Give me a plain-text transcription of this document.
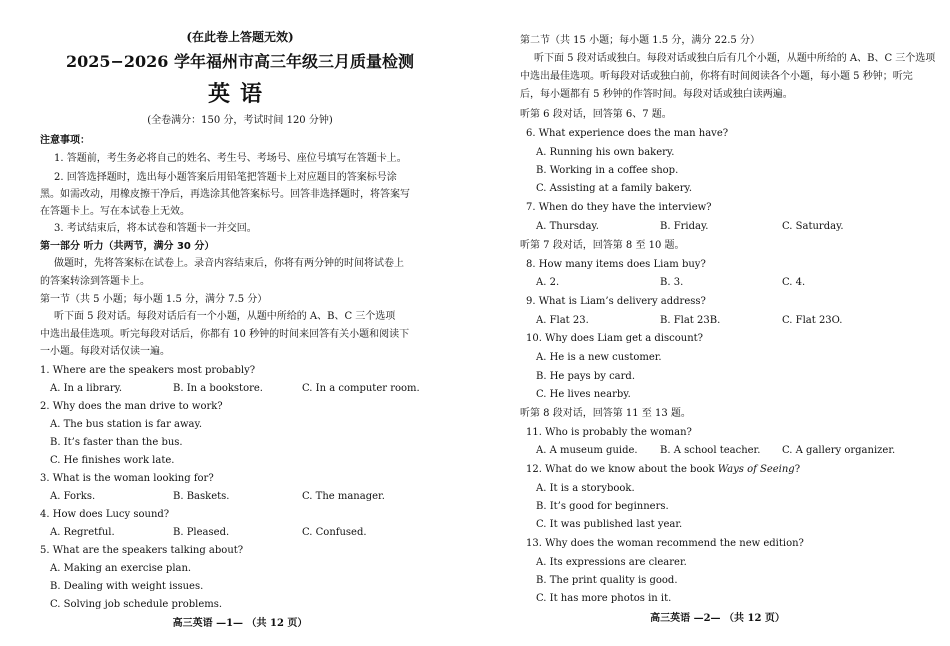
(在此卷上答题无效)
2025−2026 学年福州市高三年级三月质量检测
英语
(全卷满分：150 分，考试时间 120 分钟)
注意事项：
1. 答题前，考生务必将自己的姓名、考生号、考场号、座位号填写在答题卡上。
2. 回答选择题时，选出每小题答案后用铅笔把答题卡上对应题目的答案标号涂
黑。如需改动，用橡皮擦干净后，再选涂其他答案标号。回答非选择题时，将答案写
在答题卡上。写在本试卷上无效。
3. 考试结束后，将本试卷和答题卡一并交回。
第一部分 听力（共两节，满分 30 分）
做题时，先将答案标在试卷上。录音内容结束后，你将有两分钟的时间将试卷上
的答案转涂到答题卡上。
第一节（共 5 小题；每小题 1.5 分，满分 7.5 分）
听下面 5 段对话。每段对话后有一个小题，从题中所给的 A、B、C 三个选项
中选出最佳选项。听完每段对话后，你都有 10 秒钟的时间来回答有关小题和阅读下
一小题。每段对话仅读一遍。
1. Where are the speakers most probably?
A. In a library.	B. In a bookstore.	C. In a computer room.
2. Why does the man drive to work?
A. The bus station is far away.
B. It’s faster than the bus.
C. He finishes work late.
3. What is the woman looking for?
A. Forks.	B. Baskets.	C. The manager.
4. How does Lucy sound?
A. Regretful.	B. Pleased.	C. Confused.
5. What are the speakers talking about?
A. Making an exercise plan.
B. Dealing with weight issues.
C. Solving job schedule problems.
高三英语 —1— （共 12 页）
第二节（共 15 小题；每小题 1.5 分，满分 22.5 分）
听下面 5 段对话或独白。每段对话或独白后有几个小题，从题中所给的 A、B、C 三个选项
中选出最佳选项。听每段对话或独白前，你将有时间阅读各个小题，每小题 5 秒钟；听完
后，每小题都有 5 秒钟的作答时间。每段对话或独白读两遍。
听第 6 段对话，回答第 6、7 题。
6. What experience does the man have?
A. Running his own bakery.
B. Working in a coffee shop.
C. Assisting at a family bakery.
7. When do they have the interview?
A. Thursday.	B. Friday.	C. Saturday.
听第 7 段对话，回答第 8 至 10 题。
8. How many items does Liam buy?
A. 2.	B. 3.	C. 4.
9. What is Liam’s delivery address?
A. Flat 23.	B. Flat 23B.	C. Flat 23O.
10. Why does Liam get a discount?
A. He is a new customer.
B. He pays by card.
C. He lives nearby.
听第 8 段对话，回答第 11 至 13 题。
11. Who is probably the woman?
A. A museum guide. B. A school teacher. C. A gallery organizer.
12. What do we know about the book Ways of Seeing?
A. It is a storybook.
B. It’s good for beginners.
C. It was published last year.
13. Why does the woman recommend the new edition?
A. Its expressions are clearer.
B. The print quality is good.
C. It has more photos in it.
高三英语 —2— （共 12 页）
